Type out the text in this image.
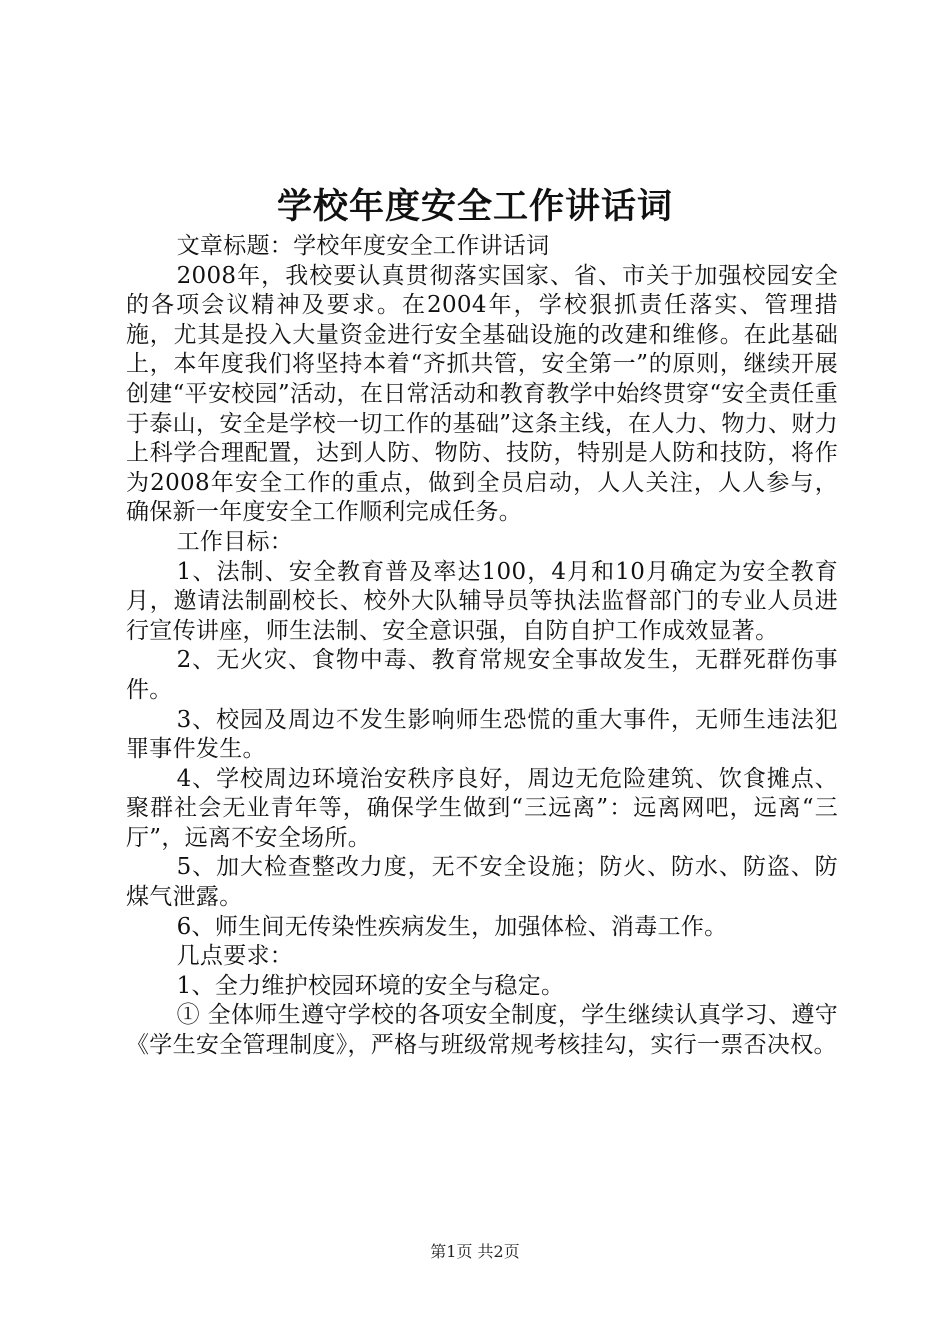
学校年度安全工作讲话词

文章标题：学校年度安全工作讲话词

2008年，我校要认真贯彻落实国家、省、市关于加强校园安全的各项会议精神及要求。在2004年，学校狠抓责任落实、管理措施，尤其是投入大量资金进行安全基础设施的改建和维修。在此基础上，本年度我们将坚持本着“齐抓共管，安全第一”的原则，继续开展创建“平安校园”活动，在日常活动和教育教学中始终贯穿“安全责任重于泰山，安全是学校一切工作的基础”这条主线，在人力、物力、财力上科学合理配置，达到人防、物防、技防，特别是人防和技防，将作为2008年安全工作的重点，做到全员启动，人人关注，人人参与，确保新一年度安全工作顺利完成任务。

工作目标：

1、法制、安全教育普及率达100，4月和10月确定为安全教育月，邀请法制副校长、校外大队辅导员等执法监督部门的专业人员进行宣传讲座，师生法制、安全意识强，自防自护工作成效显著。

2、无火灾、食物中毒、教育常规安全事故发生，无群死群伤事件。

3、校园及周边不发生影响师生恐慌的重大事件，无师生违法犯罪事件发生。

4、学校周边环境治安秩序良好，周边无危险建筑、饮食摊点、聚群社会无业青年等，确保学生做到“三远离”：远离网吧，远离“三厅”，远离不安全场所。

5、加大检查整改力度，无不安全设施；防火、防水、防盗、防煤气泄露。

6、师生间无传染性疾病发生，加强体检、消毒工作。

几点要求：

1、全力维护校园环境的安全与稳定。

① 全体师生遵守学校的各项安全制度，学生继续认真学习、遵守《学生安全管理制度》，严格与班级常规考核挂勾，实行一票否决权。

第1页 共2页
